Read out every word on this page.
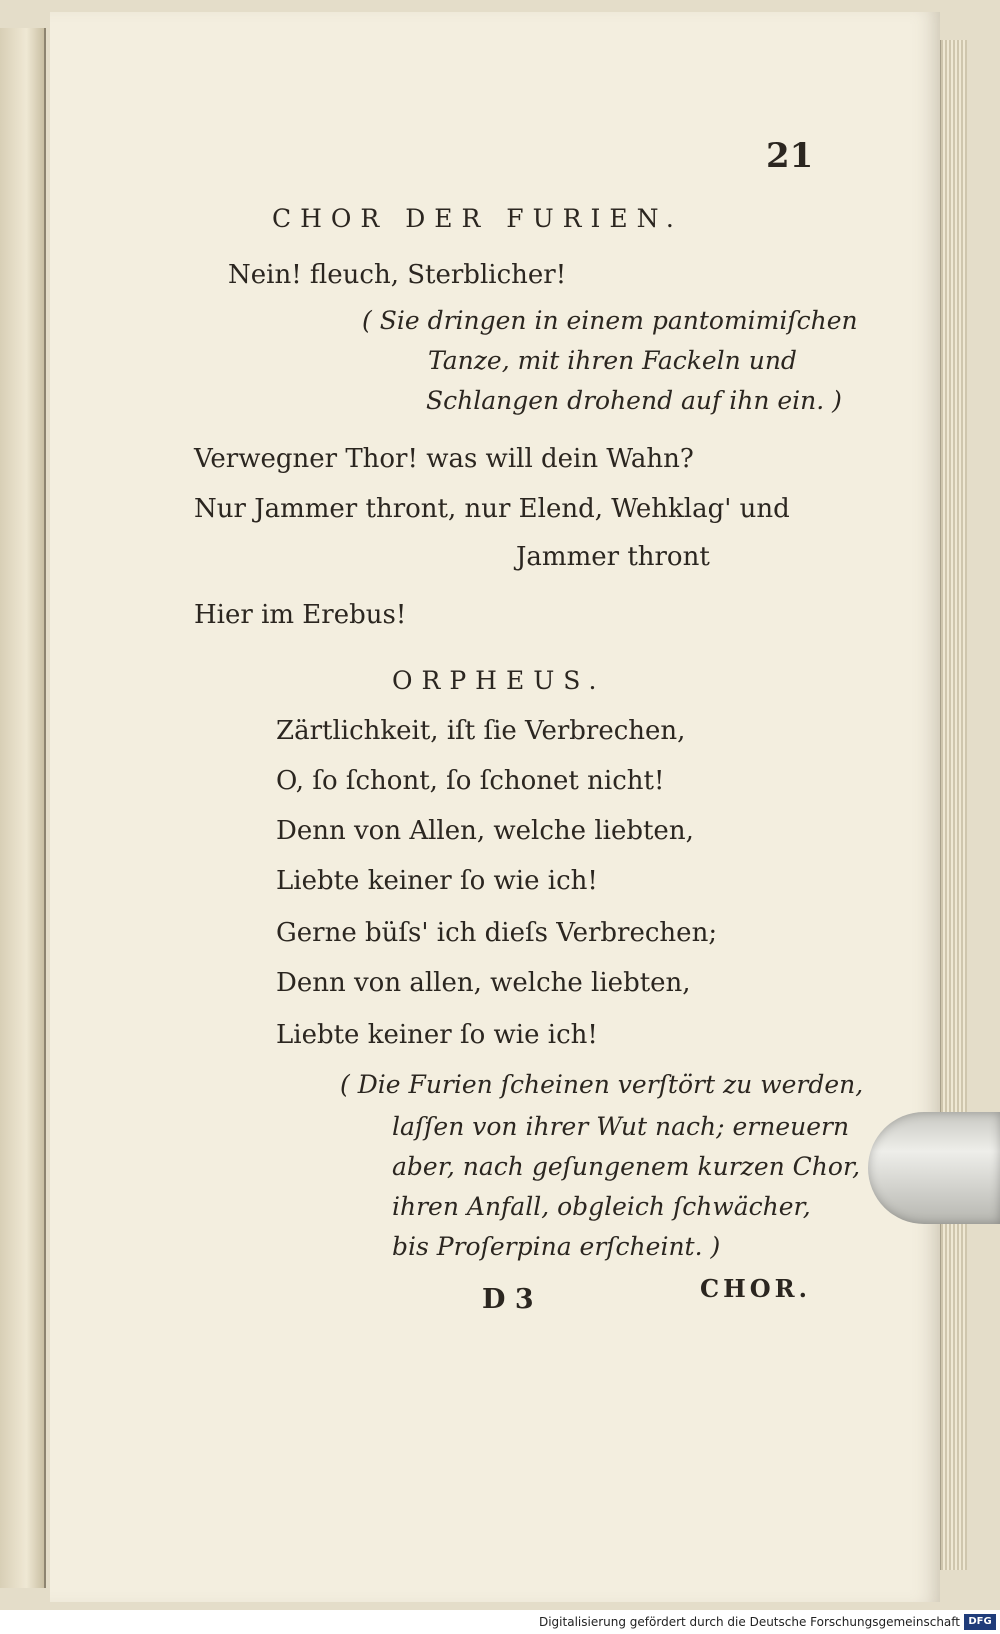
21
CHOR DER FURIEN.
Nein! fleuch, Sterblicher!
( Sie dringen in einem pantomimiſchen
Tanze, mit ihren Fackeln und
Schlangen drohend auf ihn ein. )
Verwegner Thor! was will dein Wahn?
Nur Jammer thront, nur Elend, Wehklag' und
Jammer thront
Hier im Erebus!
ORPHEUS.
Zärtlichkeit, iſt ſie Verbrechen,
O, ſo ſchont, ſo ſchonet nicht!
Denn von Allen, welche liebten,
Liebte keiner ſo wie ich!
Gerne büſs' ich dieſs Verbrechen;
Denn von allen, welche liebten,
Liebte keiner ſo wie ich!
( Die Furien ſcheinen verſtört zu werden,
laſſen von ihrer Wut nach; erneuern
aber, nach geſungenem kurzen Chor,
ihren Anfall, obgleich ſchwächer,
bis Proſerpina erſcheint. )
D 3	CHOR.
Digitalisierung gefördert durch die Deutsche Forschungsgemeinschaft DFG
